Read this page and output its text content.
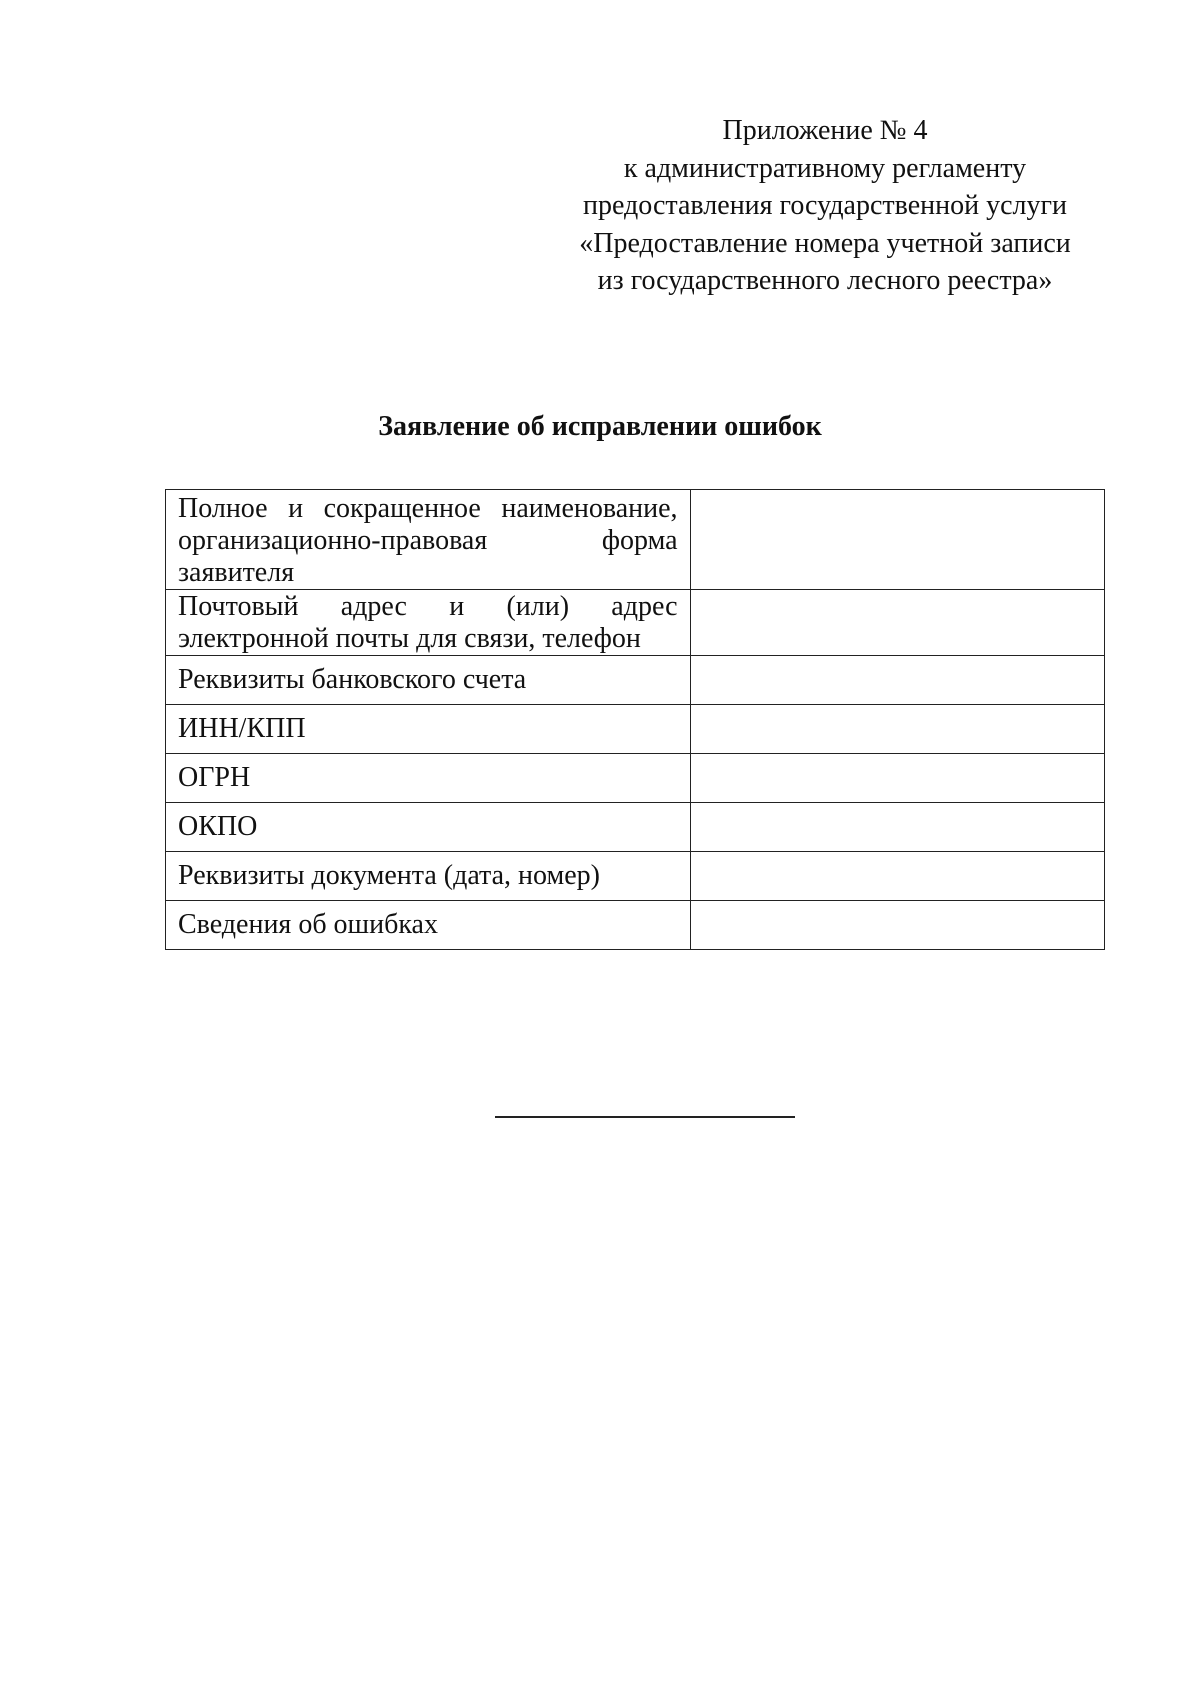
Приложение № 4
к административному регламенту
предоставления государственной услуги
«Предоставление номера учетной записи
из государственного лесного реестра»
Заявление об исправлении ошибок
Полное и сокращенное наименование,
организационно-правовая форма
заявителя	

Почтовый адрес и (или) адрес
электронной почты для связи, телефон	

Реквизиты банковского счета	
ИНН/КПП	
ОГРН	
ОКПО	
Реквизиты документа (дата, номер)	
Сведения об ошибках	
